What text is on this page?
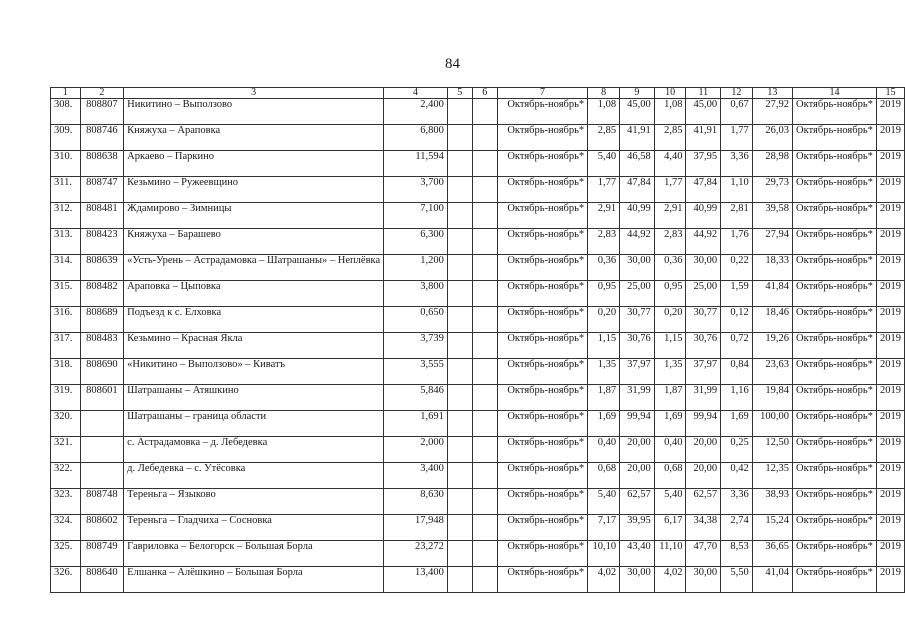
84
1	2	3	4	5	6	7	8	9	10	11	12	13	14	15
308.	808807	Никитино – Выползово	2,400			Октябрь-ноябрь*	1,08	45,00	1,08	45,00	0,67	27,92	Октябрь-ноябрь*	2019
309.	808746	Княжуха – Араповка	6,800			Октябрь-ноябрь*	2,85	41,91	2,85	41,91	1,77	26,03	Октябрь-ноябрь*	2019
310.	808638	Аркаево – Паркино	11,594			Октябрь-ноябрь*	5,40	46,58	4,40	37,95	3,36	28,98	Октябрь-ноябрь*	2019
311.	808747	Кезьмино – Ружеевщино	3,700			Октябрь-ноябрь*	1,77	47,84	1,77	47,84	1,10	29,73	Октябрь-ноябрь*	2019
312.	808481	Ждамирово – Зимницы	7,100			Октябрь-ноябрь*	2,91	40,99	2,91	40,99	2,81	39,58	Октябрь-ноябрь*	2019
313.	808423	Княжуха – Барашево	6,300			Октябрь-ноябрь*	2,83	44,92	2,83	44,92	1,76	27,94	Октябрь-ноябрь*	2019
314.	808639	«Усть-Урень – Астрадамовка – Шатрашаны» – Неплёвка	1,200			Октябрь-ноябрь*	0,36	30,00	0,36	30,00	0,22	18,33	Октябрь-ноябрь*	2019
315.	808482	Араповка – Цыповка	3,800			Октябрь-ноябрь*	0,95	25,00	0,95	25,00	1,59	41,84	Октябрь-ноябрь*	2019
316.	808689	Подъезд к с. Елховка	0,650			Октябрь-ноябрь*	0,20	30,77	0,20	30,77	0,12	18,46	Октябрь-ноябрь*	2019
317.	808483	Кезьмино – Красная Якла	3,739			Октябрь-ноябрь*	1,15	30,76	1,15	30,76	0,72	19,26	Октябрь-ноябрь*	2019
318.	808690	«Никитино – Выползово» – Киватъ	3,555			Октябрь-ноябрь*	1,35	37,97	1,35	37,97	0,84	23,63	Октябрь-ноябрь*	2019
319.	808601	Шатрашаны – Атяшкино	5,846			Октябрь-ноябрь*	1,87	31,99	1,87	31,99	1,16	19,84	Октябрь-ноябрь*	2019
320.		Шатрашаны – граница области	1,691			Октябрь-ноябрь*	1,69	99,94	1,69	99,94	1,69	100,00	Октябрь-ноябрь*	2019
321.		с. Астрадамовка – д. Лебедевка	2,000			Октябрь-ноябрь*	0,40	20,00	0,40	20,00	0,25	12,50	Октябрь-ноябрь*	2019
322.		д. Лебедевка – с. Утёсовка	3,400			Октябрь-ноябрь*	0,68	20,00	0,68	20,00	0,42	12,35	Октябрь-ноябрь*	2019
323.	808748	Тереньга – Языково	8,630			Октябрь-ноябрь*	5,40	62,57	5,40	62,57	3,36	38,93	Октябрь-ноябрь*	2019
324.	808602	Тереньга – Гладчиха – Сосновка	17,948			Октябрь-ноябрь*	7,17	39,95	6,17	34,38	2,74	15,24	Октябрь-ноябрь*	2019
325.	808749	Гавриловка – Белогорск – Большая Борла	23,272			Октябрь-ноябрь*	10,10	43,40	11,10	47,70	8,53	36,65	Октябрь-ноябрь*	2019
326.	808640	Елшанка – Алёшкино – Большая Борла	13,400			Октябрь-ноябрь*	4,02	30,00	4,02	30,00	5,50	41,04	Октябрь-ноябрь*	2019
